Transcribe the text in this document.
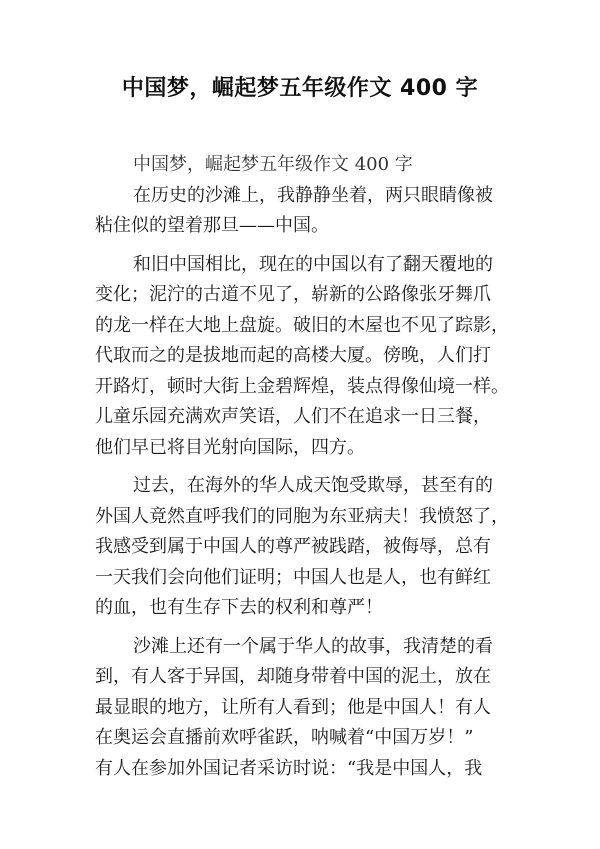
中国梦，崛起梦五年级作文 400 字
中国梦，崛起梦五年级作文 400 字
在历史的沙滩上，我静静坐着，两只眼睛像被
粘住似的望着那旦——中国。
和旧中国相比，现在的中国以有了翻天覆地的
变化；泥泞的古道不见了，崭新的公路像张牙舞爪
的龙一样在大地上盘旋。破旧的木屋也不见了踪影，
代取而之的是拔地而起的高楼大厦。傍晚，人们打
开路灯，顿时大街上金碧辉煌，装点得像仙境一样。
儿童乐园充满欢声笑语，人们不在追求一日三餐，
他们早已将目光射向国际，四方。
过去，在海外的华人成天饱受欺辱，甚至有的
外国人竟然直呼我们的同胞为东亚病夫！我愤怒了，
我感受到属于中国人的尊严被践踏，被侮辱，总有
一天我们会向他们证明；中国人也是人，也有鲜红
的血，也有生存下去的权利和尊严！
沙滩上还有一个属于华人的故事，我清楚的看
到，有人客于异国，却随身带着中国的泥土，放在
最显眼的地方，让所有人看到；他是中国人！有人
在奥运会直播前欢呼雀跃，呐喊着“中国万岁！”
有人在参加外国记者采访时说：“我是中国人，我
